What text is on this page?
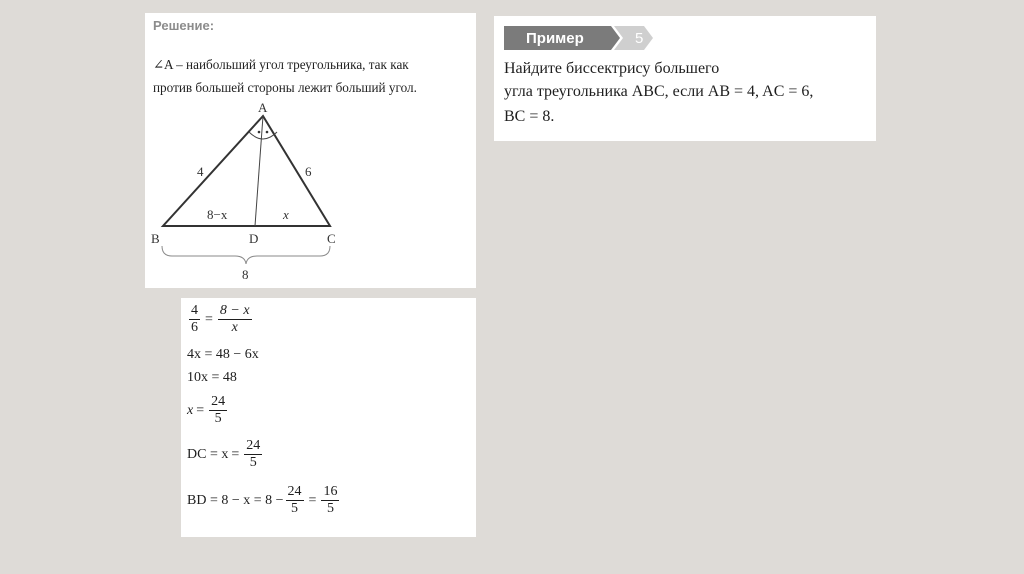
Решение:
∠A – наибольший угол треугольника, так как
против большей стороны лежит больший угол.
A
B	C
D
4	6
8−x	x
8
Пример	5
Найдите биссектрису большего
угла треугольника ABC, если AB = 4, AC = 6,
BC = 8.
$\frac{4}{6} = \frac{8 - x}{x}$
4x = 48 − 6x
10x = 48
$x = \frac{24}{5}$
DC = $x = \frac{24}{5}$
BD = $8 - x = 8 - \frac{24}{5} = \frac{16}{5}$
